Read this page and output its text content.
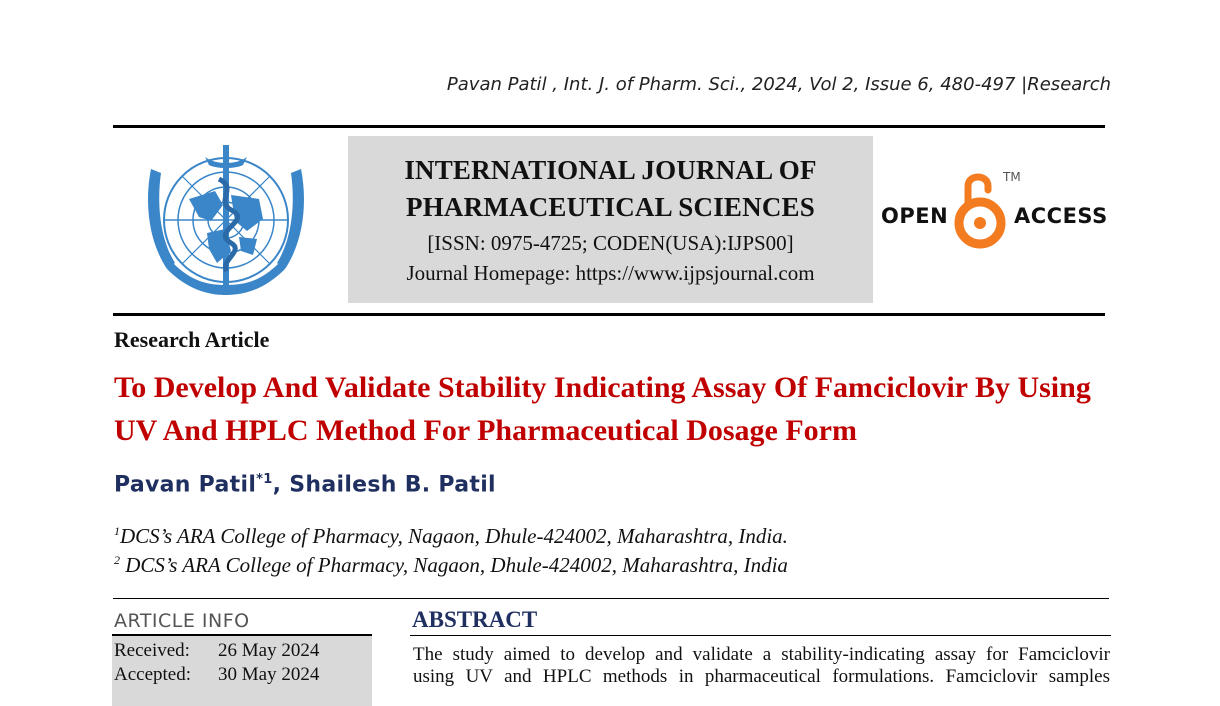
Pavan Patil , Int. J. of Pharm. Sci., 2024, Vol 2, Issue 6, 480-497 |Research
INTERNATIONAL JOURNAL OF
PHARMACEUTICAL SCIENCES
[ISSN: 0975-4725; CODEN(USA):IJPS00]
Journal Homepage: https://www.ijpsjournal.com
OPEN
TM
ACCESS
Research Article
To Develop And Validate Stability Indicating Assay Of Famciclovir By Using UV And HPLC Method For Pharmaceutical Dosage Form
Pavan Patil$^{*1}$, Shailesh B. Patil
$^1$DCS’s ARA College of Pharmacy, Nagaon, Dhule-424002, Maharashtra, India.
$^2$ DCS’s ARA College of Pharmacy, Nagaon, Dhule-424002, Maharashtra, India
ARTICLE INFO
Received: 26 May 2024
Accepted: 30 May 2024
ABSTRACT
The study aimed to develop and validate a stability-indicating assay for Famciclovir
using UV and HPLC methods in pharmaceutical formulations. Famciclovir samples
